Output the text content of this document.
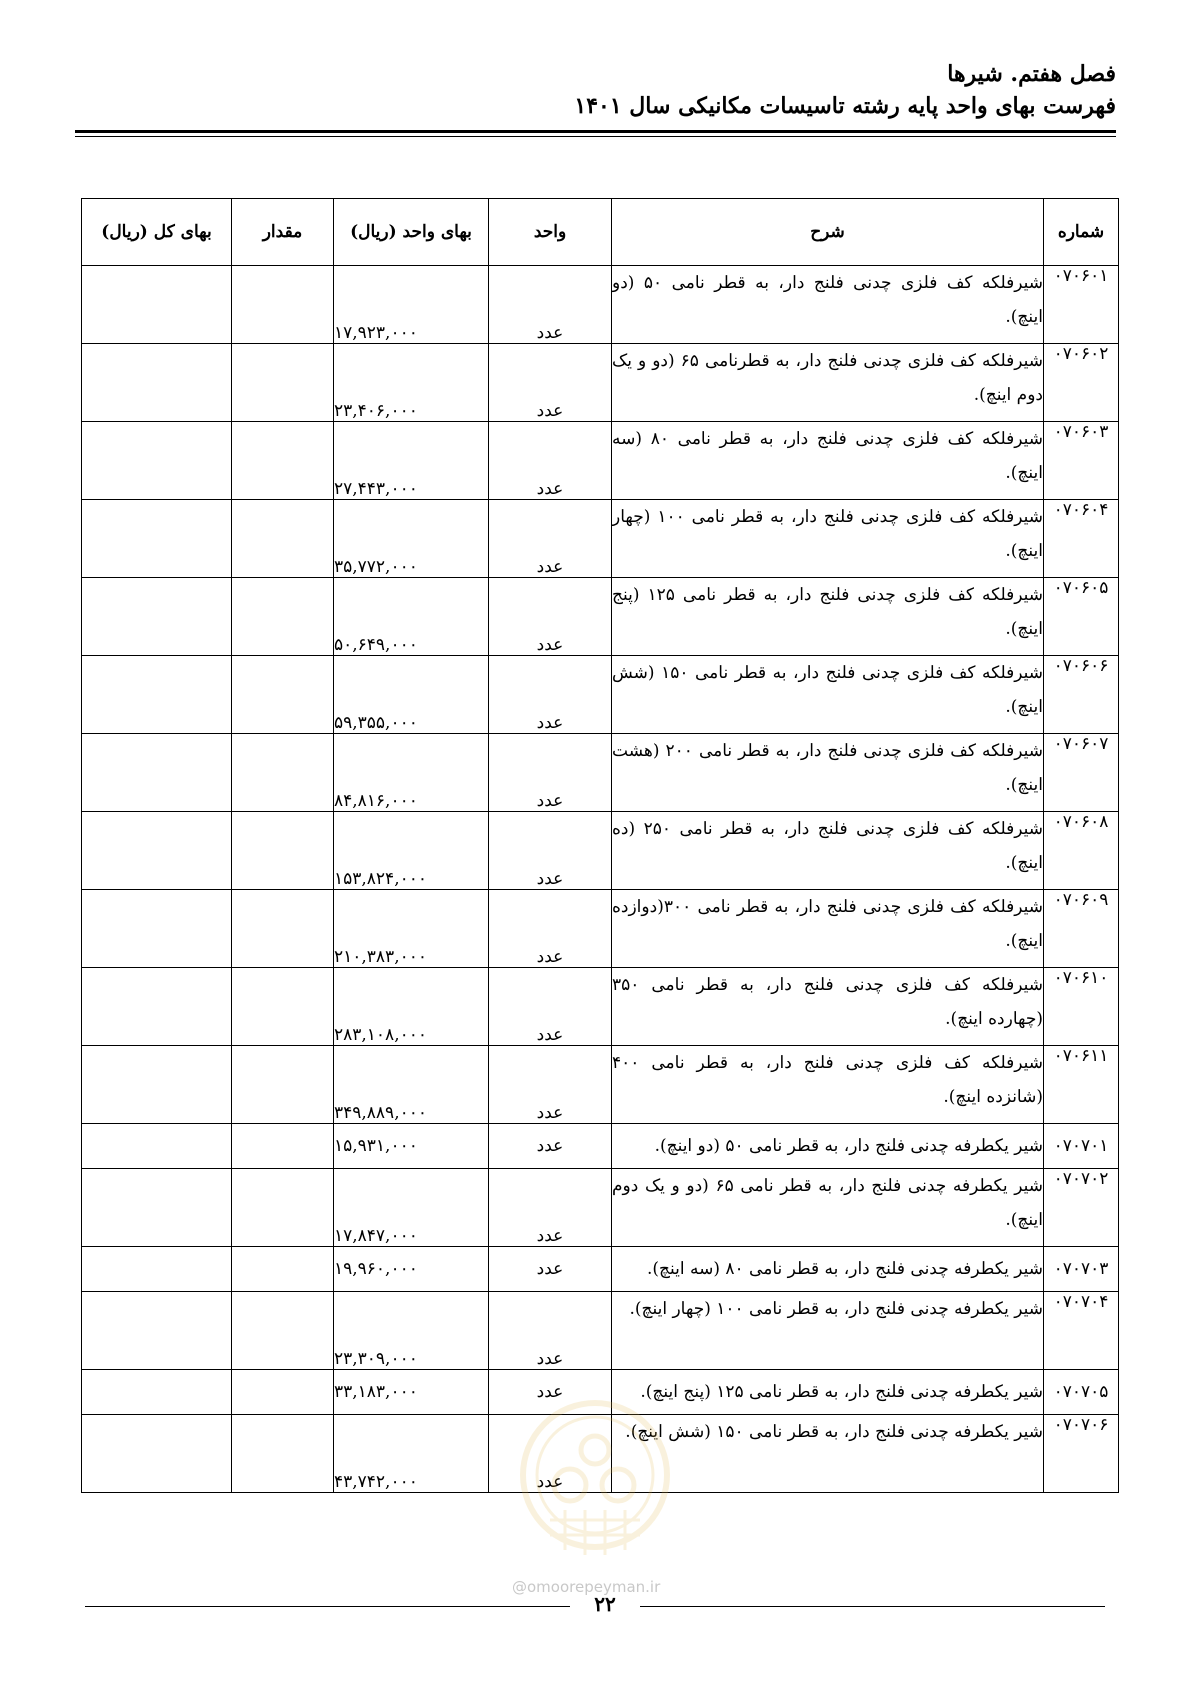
فصل هفتم. شیرها
فهرست بهای واحد پایه رشته تاسیسات مکانیکی سال ۱۴۰۱
شماره	شرح	واحد	بهای واحد (ریال)	مقدار	بهای کل (ریال)
۰۷۰۶۰۱	شیرفلکه کف فلزی چدنی فلنج دار، به قطر نامی ۵۰ (دو اینچ).	عدد	۱۷,۹۲۳,۰۰۰		
۰۷۰۶۰۲	شیرفلکه کف فلزی چدنی فلنج دار، به قطرنامی ۶۵ (دو و یک دوم اینچ).	عدد	۲۳,۴۰۶,۰۰۰		
۰۷۰۶۰۳	شیرفلکه کف فلزی چدنی فلنج دار، به قطر نامی ۸۰ (سه اینچ).	عدد	۲۷,۴۴۳,۰۰۰		
۰۷۰۶۰۴	شیرفلکه کف فلزی چدنی فلنج دار، به قطر نامی ۱۰۰ (چهار اینچ).	عدد	۳۵,۷۷۲,۰۰۰		
۰۷۰۶۰۵	شیرفلکه کف فلزی چدنی فلنج دار، به قطر نامی ۱۲۵ (پنج اینچ).	عدد	۵۰,۶۴۹,۰۰۰		
۰۷۰۶۰۶	شیرفلکه کف فلزی چدنی فلنج دار، به قطر نامی ۱۵۰ (شش اینچ).	عدد	۵۹,۳۵۵,۰۰۰		
۰۷۰۶۰۷	شیرفلکه کف فلزی چدنی فلنج دار، به قطر نامی ۲۰۰ (هشت اینچ).	عدد	۸۴,۸۱۶,۰۰۰		
۰۷۰۶۰۸	شیرفلکه کف فلزی چدنی فلنج دار، به قطر نامی ۲۵۰ (ده اینچ).	عدد	۱۵۳,۸۲۴,۰۰۰		
۰۷۰۶۰۹	شیرفلکه کف فلزی چدنی فلنج دار، به قطر نامی ۳۰۰(دوازده اینچ).	عدد	۲۱۰,۳۸۳,۰۰۰		
۰۷۰۶۱۰	شیرفلکه کف فلزی چدنی فلنج دار، به قطر نامی ۳۵۰ (چهارده اینچ).	عدد	۲۸۳,۱۰۸,۰۰۰		
۰۷۰۶۱۱	شیرفلکه کف فلزی چدنی فلنج دار، به قطر نامی ۴۰۰ (شانزده اینچ).	عدد	۳۴۹,۸۸۹,۰۰۰		
۰۷۰۷۰۱	شیر یکطرفه چدنی فلنج دار، به قطر نامی ۵۰ (دو اینچ).	عدد	۱۵,۹۳۱,۰۰۰		
۰۷۰۷۰۲	شیر یکطرفه چدنی فلنج دار، به قطر نامی ۶۵ (دو و یک دوم اینچ).	عدد	۱۷,۸۴۷,۰۰۰		
۰۷۰۷۰۳	شیر یکطرفه چدنی فلنج دار، به قطر نامی ۸۰ (سه اینچ).	عدد	۱۹,۹۶۰,۰۰۰		
۰۷۰۷۰۴	شیر یکطرفه چدنی فلنج دار، به قطر نامی ۱۰۰ (چهار اینچ).	عدد	۲۳,۳۰۹,۰۰۰		
۰۷۰۷۰۵	شیر یکطرفه چدنی فلنج دار، به قطر نامی ۱۲۵ (پنج اینچ).	عدد	۳۳,۱۸۳,۰۰۰		
۰۷۰۷۰۶	شیر یکطرفه چدنی فلنج دار، به قطر نامی ۱۵۰ (شش اینچ).	عدد	۴۳,۷۴۲,۰۰۰		
@omoorepeyman.ir
۲۲
